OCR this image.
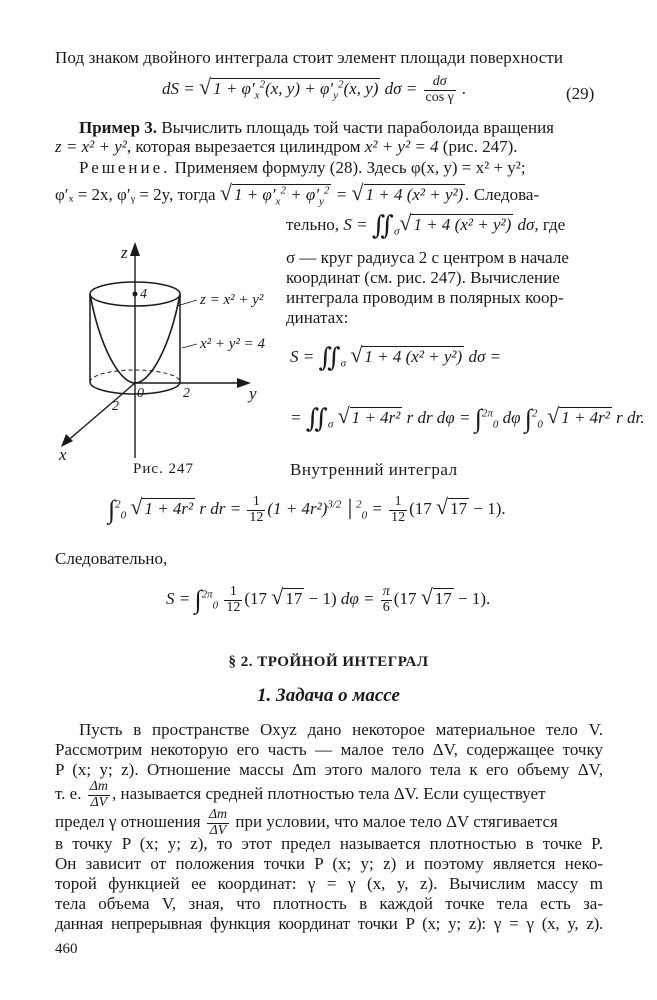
Под знаком двойного интеграла стоит элемент площади поверхности
dS = √ $1 + \varphi'_x^2(x$, $y) + \varphi'_y^2(x$, y) $d\sigma = \frac{d\sigma}{\text{cos γ}}$ .	(29)
Пример 3. Вычислить площадь той части параболоида вращения
z = x² + y², которая вырезается цилиндром x² + y² = 4 (рис. 247).
Решение. Применяем формулу (28). Здесь φ(x, y) = x² + y²;
φ′ₓ = 2x, φ′ᵧ = 2y, тогда √ $1 + \varphi'_x^2 + \varphi'_y^2$ = √ 1 + 4 (x² + y²) . Следова-
тельно, $S = ∬_\sigma√$ 1 + 4 (x² + y²) dσ, где
σ — круг радиуса 2 с центром в начале
координат (см. рис. 247). Вычисление
интеграла проводим в полярных коор-
динатах:
$S = ∬_\sigma$ √ 1 + 4 (x² + y²) dσ =
= $∬_\sigma$ √ 1 + 4r² r dr dφ = ∫$^{2\pi}_0$ dφ ∫$^2_0$ √ 1 + 4r² r dr.
z
y
x
0
4
2
2
z = x² + y²
x² + y² = 4
Рис. 247	Внутренний интеграл
∫$^2_0$ √ 1 + 4r² r dr = $\frac{1}{12} (1 + 4r^2)^{3/2}$ │$^2_0$ = $\frac{1}{12} (17$ √ 17 − 1).
Следовательно,
$S = \int^{2\pi}_0 \frac{1}{12} (17$ √ 17 − 1) $d\varphi = \frac{\pi}{6} (17$ √ 17 − 1).
§ 2. ТРОЙНОЙ ИНТЕГРАЛ
1. Задача о массе
Пусть в пространстве Oxyz дано некоторое материальное тело V.
Рассмотрим некоторую его часть — малое тело ΔV, содержащее точку
P (x; y; z). Отношение массы Δm этого малого тела к его объему ΔV,
т. е. $\frac{\Delta m}{\Delta V}$ , называется средней плотностью тела ΔV. Если существует
предел γ отношения $\frac{\Delta m}{\Delta V}$ при условии, что малое тело ΔV стягивается
в точку P (x; y; z), то этот предел называется плотностью в точке P.
Он зависит от положения точки P (x; y; z) и поэтому является неко-
торой функцией ее координат: γ = γ (x, y, z). Вычислим массу m
тела объема V, зная, что плотность в каждой точке тела есть за-
данная непрерывная функция координат точки P (x; y; z): γ = γ (x, y, z).
460
